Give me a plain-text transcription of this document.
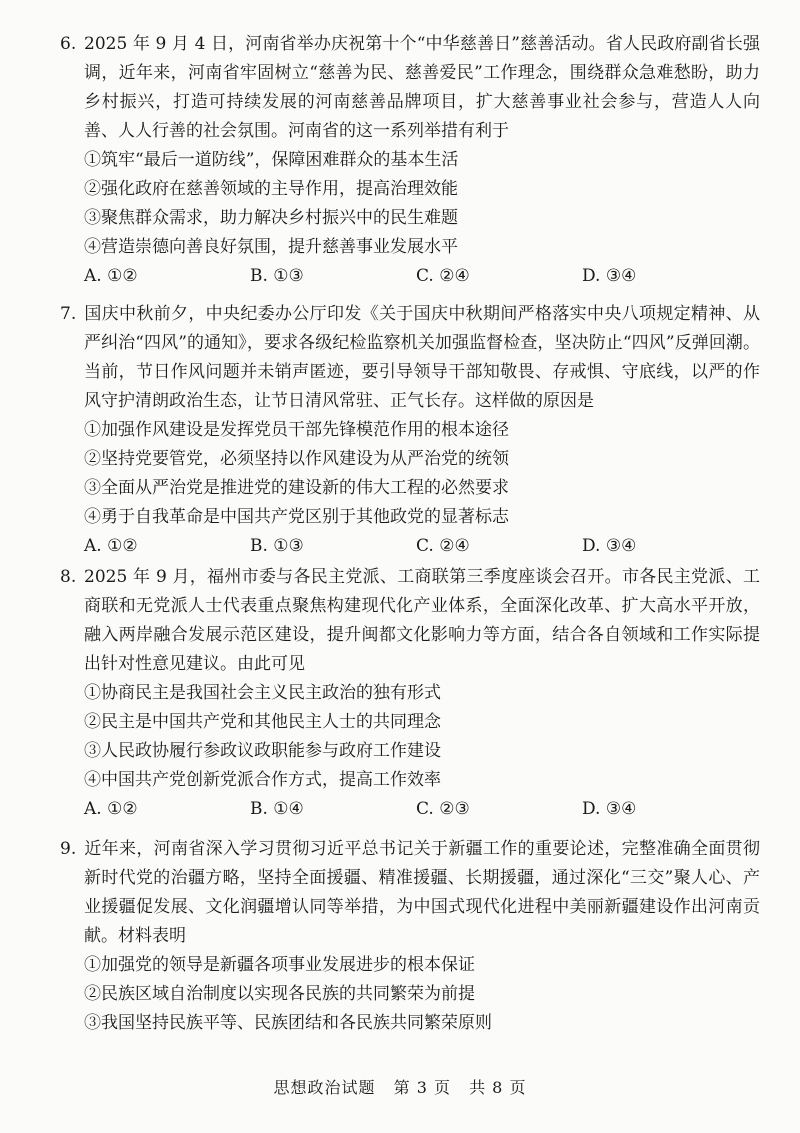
6. 2025 年 9 月 4 日，河南省举办庆祝第十个“中华慈善日”慈善活动。省人民政府副省长强调，近年来，河南省牢固树立“慈善为民、慈善爱民”工作理念，围绕群众急难愁盼，助力乡村振兴，打造可持续发展的河南慈善品牌项目，扩大慈善事业社会参与，营造人人向善、人人行善的社会氛围。河南省的这一系列举措有利于
①筑牢“最后一道防线”，保障困难群众的基本生活
②强化政府在慈善领域的主导作用，提高治理效能
③聚焦群众需求，助力解决乡村振兴中的民生难题
④营造崇德向善良好氛围，提升慈善事业发展水平
A. ①②	B. ①③	C. ②④	D. ③④
7. 国庆中秋前夕，中央纪委办公厅印发《关于国庆中秋期间严格落实中央八项规定精神、从严纠治“四风”的通知》，要求各级纪检监察机关加强监督检查，坚决防止“四风”反弹回潮。当前，节日作风问题并未销声匿迹，要引导领导干部知敬畏、存戒惧、守底线，以严的作风守护清朗政治生态，让节日清风常驻、正气长存。这样做的原因是
①加强作风建设是发挥党员干部先锋模范作用的根本途径
②坚持党要管党，必须坚持以作风建设为从严治党的统领
③全面从严治党是推进党的建设新的伟大工程的必然要求
④勇于自我革命是中国共产党区别于其他政党的显著标志
A. ①②	B. ①③	C. ②④	D. ③④
8. 2025 年 9 月，福州市委与各民主党派、工商联第三季度座谈会召开。市各民主党派、工商联和无党派人士代表重点聚焦构建现代化产业体系，全面深化改革、扩大高水平开放，融入两岸融合发展示范区建设，提升闽都文化影响力等方面，结合各自领域和工作实际提出针对性意见建议。由此可见
①协商民主是我国社会主义民主政治的独有形式
②民主是中国共产党和其他民主人士的共同理念
③人民政协履行参政议政职能参与政府工作建设
④中国共产党创新党派合作方式，提高工作效率
A. ①②	B. ①④	C. ②③	D. ③④
9. 近年来，河南省深入学习贯彻习近平总书记关于新疆工作的重要论述，完整准确全面贯彻新时代党的治疆方略，坚持全面援疆、精准援疆、长期援疆，通过深化“三交”聚人心、产业援疆促发展、文化润疆增认同等举措，为中国式现代化进程中美丽新疆建设作出河南贡献。材料表明
①加强党的领导是新疆各项事业发展进步的根本保证
②民族区域自治制度以实现各民族的共同繁荣为前提
③我国坚持民族平等、民族团结和各民族共同繁荣原则
思想政治试题 第 3 页 共 8 页
